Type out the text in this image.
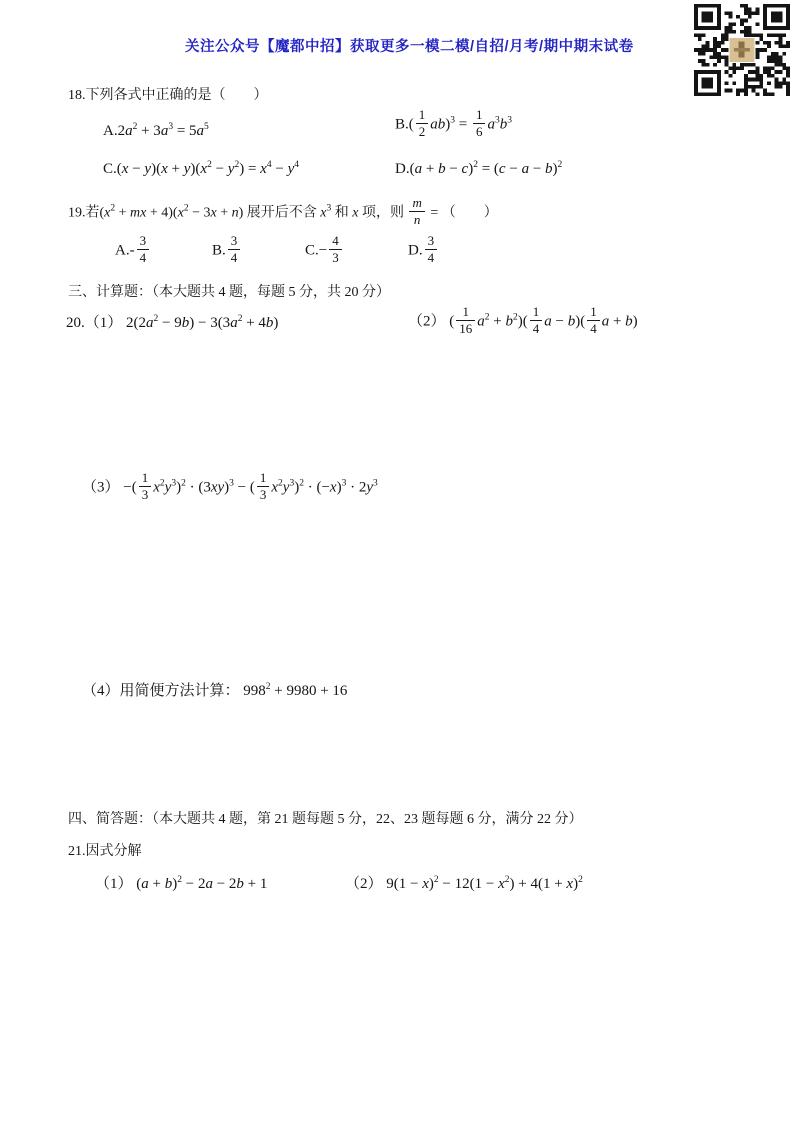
关注公众号【魔都中招】获取更多一模二模/自招/月考/期中期末试卷
18.下列各式中正确的是（　　）
$A.2a^2 + 3a^3 = 5a^5$	$B.( \frac{1}{2} ab)^3 = \frac{1}{6} a^3b^3$
$C.(x - y)(x + y)(x^2 - y^2) = x^4 - y^4$	$D.(a + b - c)^2 = (c - a - b)^2$
19.若($x^2$ + mx + $4)(x^2 - 3x + n)$ 展开后不含 $x^3$ 和 x 项，则 $\frac{m}{n}$ = （　　）
$A.- \frac{3}{4}$	B. $\frac{3}{4}$	$C.- \frac{4}{3}$	D. $\frac{3}{4}$
三、计算题：（本大题共 4 题，每题 5 分，共 20 分）
20.（1） $2(2a^2 - 9b) - 3(3a^2 + 4b)$	（2） ( $\frac{1}{16} a^2 + b^2)( \frac{1}{4}$ $a - b)( \frac{1}{4}$ a + b)
（3） −( $\frac{1}{3} x^2y^3)^2 \cdot (3xy)^3$ − ( $\frac{1}{3} x^2y^3)^2 \cdot (-x)^3 \cdot 2y^3$
（4）用简便方法计算： $998^2 + 9980 + 16$
四、简答题：（本大题共 4 题，第 21 题每题 5 分，22、23 题每题 6 分，满分 22 分）
21.因式分解
（1） $(a + b)^2 - 2a - 2b + 1$	（2） $9(1 - x)^2 - 12(1 - x^2) + 4(1 + x)^2$
